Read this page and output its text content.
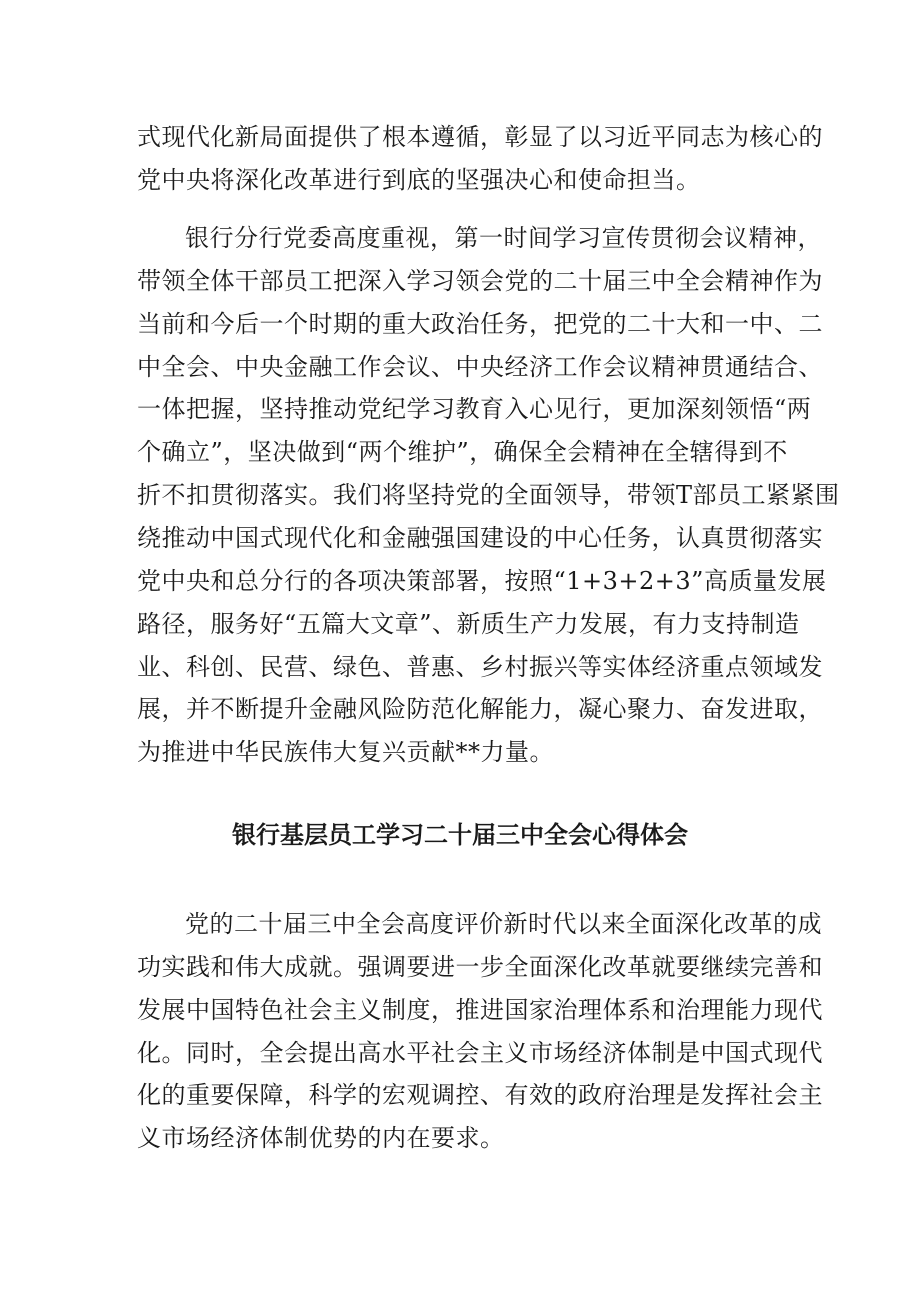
式现代化新局面提供了根本遵循，彰显了以习近平同志为核心的
党中央将深化改革进行到底的坚强决心和使命担当。
银行分行党委高度重视，第一时间学习宣传贯彻会议精神，
带领全体干部员工把深入学习领会党的二十届三中全会精神作为
当前和今后一个时期的重大政治任务，把党的二十大和一中、二
中全会、中央金融工作会议、中央经济工作会议精神贯通结合、
一体把握，坚持推动党纪学习教育入心见行，更加深刻领悟“两
个确立”，坚决做到“两个维护”，确保全会精神在全辖得到不
折不扣贯彻落实。我们将坚持党的全面领导，带领T部员工紧紧围
绕推动中国式现代化和金融强国建设的中心任务，认真贯彻落实
党中央和总分行的各项决策部署，按照“1+3+2+3”高质量发展
路径，服务好“五篇大文章”、新质生产力发展，有力支持制造
业、科创、民营、绿色、普惠、乡村振兴等实体经济重点领域发
展，并不断提升金融风险防范化解能力，凝心聚力、奋发进取，
为推进中华民族伟大复兴贡献**力量。
银行基层员工学习二十届三中全会心得体会
党的二十届三中全会高度评价新时代以来全面深化改革的成
功实践和伟大成就。强调要进一步全面深化改革就要继续完善和
发展中国特色社会主义制度，推进国家治理体系和治理能力现代
化。同时，全会提出高水平社会主义市场经济体制是中国式现代
化的重要保障，科学的宏观调控、有效的政府治理是发挥社会主
义市场经济体制优势的内在要求。
